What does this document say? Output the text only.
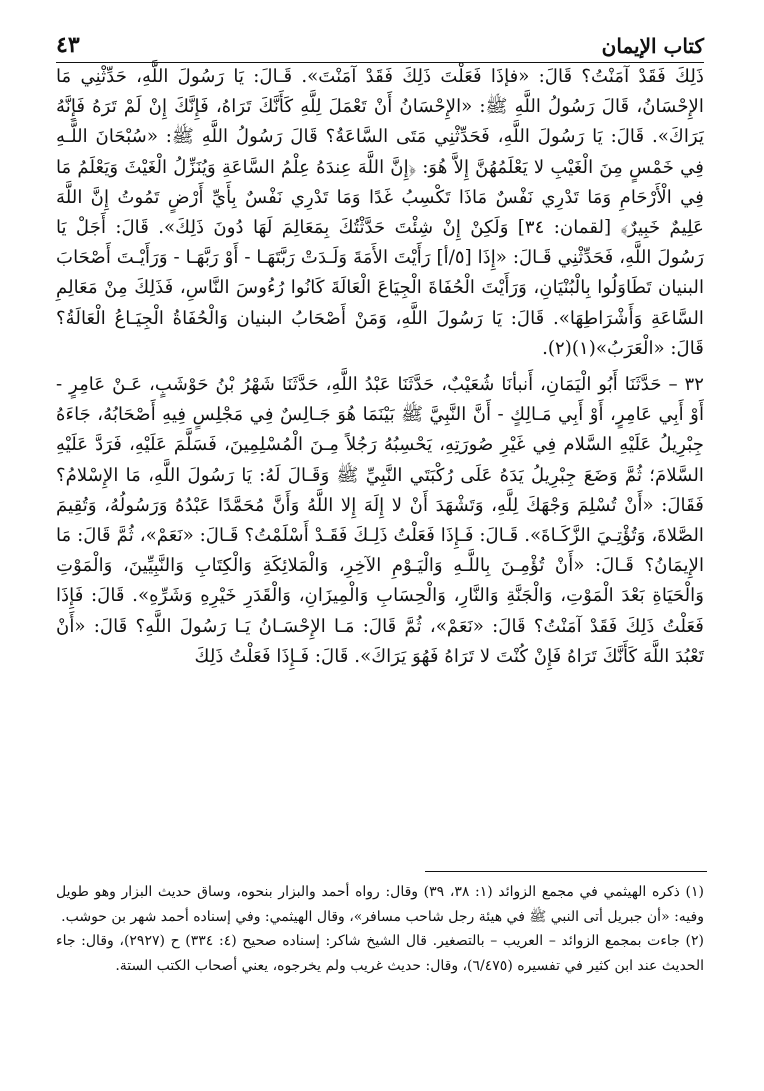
كتاب الإيمان
٤٣

ذَلِكَ فَقَدْ آمَنْتُ؟ قَالَ: «فإذَا فَعَلْتَ ذَلِكَ فَقَدْ آمَنْتَ». قَـالَ: يَا رَسُولَ اللَّهِ، حَدِّثْنِي مَا الإِحْسَانُ، قَالَ رَسُولُ اللَّهِ ﷺ: «الإِحْسَانُ أَنْ تَعْمَلَ لِلَّهِ كَأَنَّكَ تَرَاهُ، فَإِنَّكَ إِنْ لَمْ تَرَهُ فَإِنَّهُ يَرَاكَ». قَالَ: يَا رَسُولَ اللَّهِ، فَحَدِّثْنِي مَتَى السَّاعَةُ؟ قَالَ رَسُولُ اللَّهِ ﷺ: «سُبْحَانَ اللَّـهِ فِي خَمْسٍ مِنَ الْغَيْبِ لا يَعْلَمُهُنَّ إِلاَّ هُوَ: ﴿إِنَّ اللَّهَ عِندَهُ عِلْمُ السَّاعَةِ وَيُنَزِّلُ الْغَيْثَ وَيَعْلَمُ مَا فِي الْأَرْحَامِ وَمَا تَدْرِي نَفْسٌ مَاذَا تَكْسِبُ غَدًا وَمَا تَدْرِي نَفْسٌ بِأَيِّ أَرْضٍ تَمُوتُ إِنَّ اللَّهَ عَلِيمٌ خَبِيرٌ﴾ [لقمان: ٣٤] وَلَكِنْ إِنْ شِئْتَ حَدَّثْتُكَ بِمَعَالِمَ لَهَا دُونَ ذَلِكَ». قَالَ: أَجَلْ يَا رَسُولَ اللَّهِ، فَحَدِّثْنِي قَـالَ: «إِذَا [٥/أ] رَأَيْتَ الأَمَةَ وَلَـدَتْ رَبَّتَهَـا - أَوْ رَبَّهَـا - وَرَأَيْـتَ أَصْحَابَ البنيان تَطَاوَلُوا بِالْبُنْيَانِ، وَرَأَيْتَ الْحُفَاةَ الْجِيَاعَ الْعَالَةَ كَانُوا رُءُوسَ النَّاسِ، فَذَلِكَ مِنْ مَعَالِمِ السَّاعَةِ وَأَشْرَاطِهَا». قَالَ: يَا رَسُولَ اللَّهِ، وَمَنْ أَصْحَابُ البنيان وَالْحُفَاةُ الْجِيَـاعُ الْعَالَةُ؟ قَالَ: «الْعَرَبُ»(١)(٢).

٣٢ – حَدَّثَنَا أَبُو الْيَمَانِ، أَنبأنَا شُعَيْبٌ، حَدَّثَنَا عَبْدُ اللَّهِ، حَدَّثَنَا شَهْرُ بْنُ حَوْشَبٍ، عَـنْ عَامِرٍ - أَوْ أَبِي عَامِرٍ، أَوْ أَبِي مَـالِكٍ - أَنَّ النَّبِيَّ ﷺ بَيْنَمَا هُوَ جَـالِسٌ فِي مَجْلِسٍ فِيهِ أَصْحَابُهُ، جَاءَهُ جِبْرِيلُ عَلَيْهِ السَّلام فِي غَيْرِ صُورَتِهِ، يَحْسِبُهُ رَجُلاً مِـنَ الْمُسْلِمِينَ، فَسَلَّمَ عَلَيْهِ، فَرَدَّ عَلَيْهِ السَّلامَ؛ ثُمَّ وَضَعَ جِبْرِيلُ يَدَهُ عَلَى رُكْبَتَي النَّبِيِّ ﷺ وَقَـالَ لَهُ: يَا رَسُولَ اللَّهِ، مَا الإِسْلامُ؟ فَقَالَ: «أَنْ تُسْلِمَ وَجْهَكَ لِلَّهِ، وَتَشْهَدَ أَنْ لا إِلَهَ إِلا اللَّهُ وَأَنَّ مُحَمَّدًا عَبْدُهُ وَرَسُولُهُ، وَتُقِيمَ الصَّلاةَ، وَتُؤْتِـيَ الزَّكَـاةَ». قَـالَ: فَـإِذَا فَعَلْتُ ذَلِـكَ فَقَـدْ أَسْلَمْتُ؟ قَـالَ: «نَعَمْ»، ثُمَّ قَالَ: مَا الإِيمَانُ؟ قَـالَ: «أَنْ تُؤْمِـنَ بِاللَّـهِ وَالْيَـوْمِ الآخِرِ، وَالْمَلائِكَةِ وَالْكِتَابِ وَالنَّبِيِّينَ، وَالْمَوْتِ وَالْحَيَاةِ بَعْدَ الْمَوْتِ، وَالْجَنَّةِ وَالنَّارِ، وَالْحِسَابِ وَالْمِيزَانِ، وَالْقَدَرِ خَيْرِهِ وَشَرِّهِ». قَالَ: فَإِذَا فَعَلْتُ ذَلِكَ فَقَدْ آمَنْتُ؟ قَالَ: «نَعَمْ»، ثُمَّ قَالَ: مَـا الإِحْسَـانُ يَـا رَسُولَ اللَّهِ؟ قَالَ: «أَنْ تَعْبُدَ اللَّهَ كَأَنَّكَ تَرَاهُ فَإِنْ كُنْتَ لا تَرَاهُ فَهُوَ يَرَاكَ». قَالَ: فَـإِذَا فَعَلْتُ ذَلِكَ

(١) ذكره الهيثمي في مجمع الزوائد (١: ٣٨، ٣٩) وقال: رواه أحمد والبزار بنحوه، وساق حديث البزار وهو طويل وفيه: «أن جبريل أتى النبي ﷺ في هيئة رجل شاحب مسافر»، وقال الهيثمي: وفي إسناده أحمد شهر بن حوشب.

(٢) جاءت بمجمع الزوائد – العريب – بالتصغير. قال الشيخ شاكر: إسناده صحيح (٤: ٣٣٤) ح (٢٩٢٧)، وقال: جاء الحديث عند ابن كثير في تفسيره (٦/٤٧٥)، وقال: حديث غريب ولم يخرجوه، يعني أصحاب الكتب الستة.
